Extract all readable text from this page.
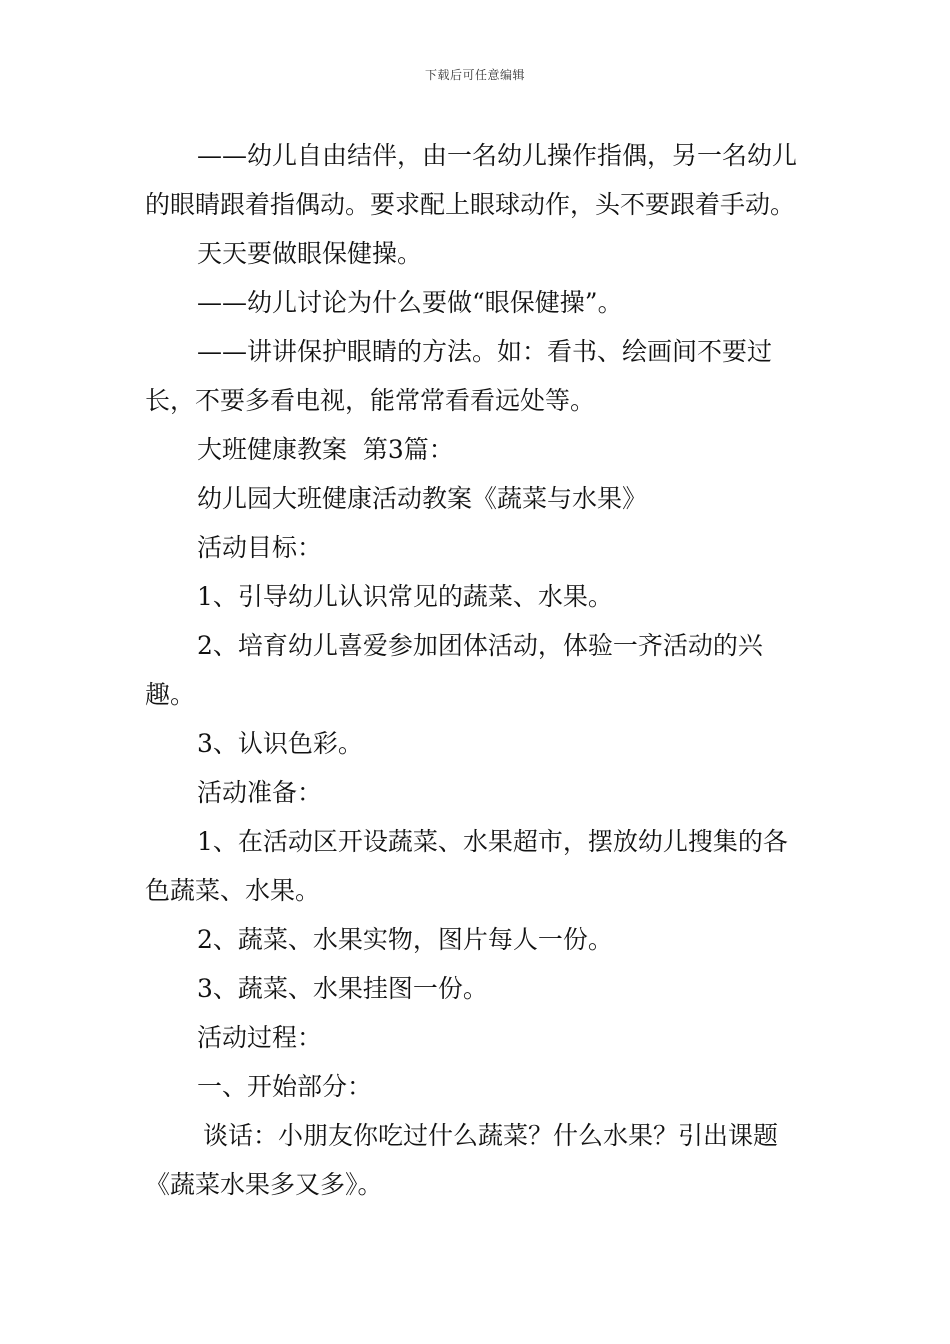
下载后可任意编辑

——幼儿自由结伴，由一名幼儿操作指偶，另一名幼儿的眼睛跟着指偶动。要求配上眼球动作，头不要跟着手动。

天天要做眼保健操。

——幼儿讨论为什么要做“眼保健操”。

——讲讲保护眼睛的方法。如：看书、绘画间不要过长，不要多看电视，能常常看看远处等。

大班健康教案  第3篇：

幼儿园大班健康活动教案《蔬菜与水果》

活动目标：

1、引导幼儿认识常见的蔬菜、水果。

2、培育幼儿喜爱参加团体活动，体验一齐活动的兴趣。

3、认识色彩。

活动准备：

1、在活动区开设蔬菜、水果超市，摆放幼儿搜集的各色蔬菜、水果。

2、蔬菜、水果实物，图片每人一份。

3、蔬菜、水果挂图一份。

活动过程：

一、开始部分：

谈话：小朋友你吃过什么蔬菜？什么水果？引出课题《蔬菜水果多又多》。
